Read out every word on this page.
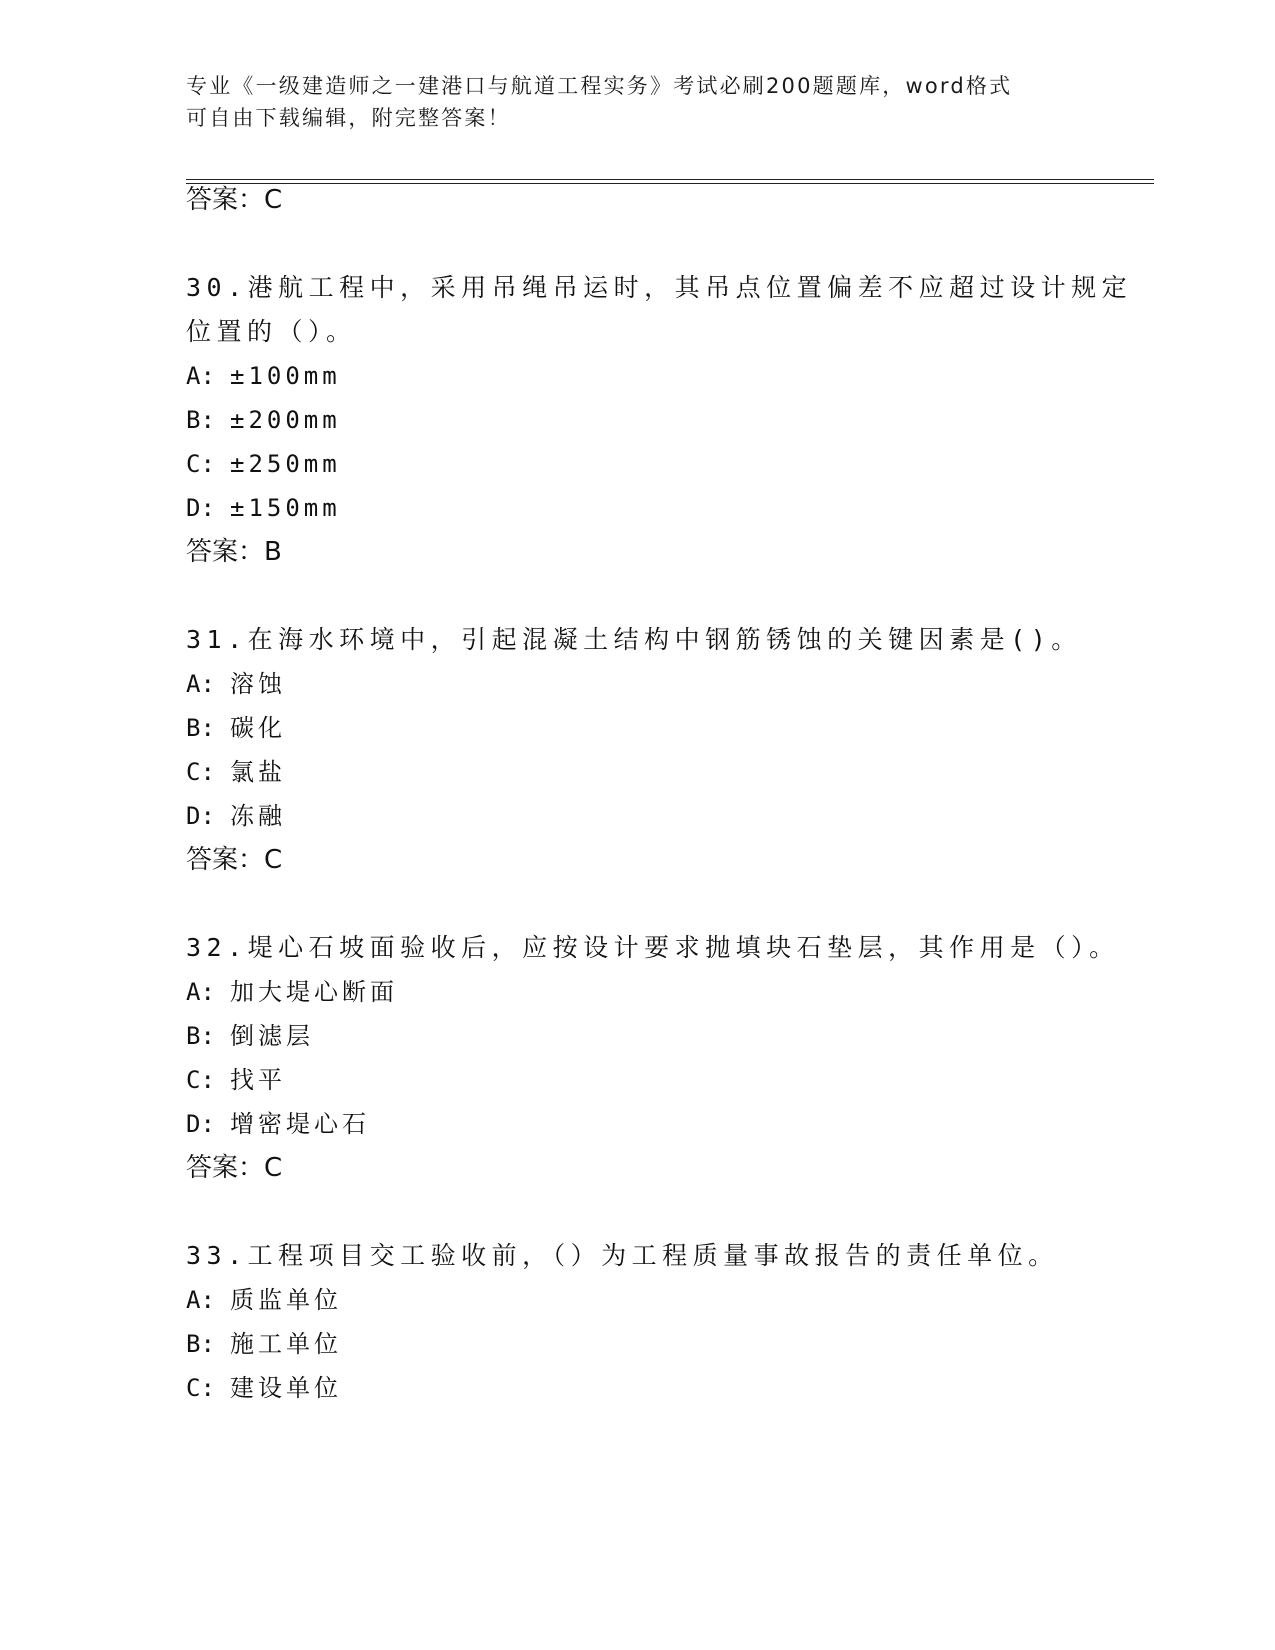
专业《一级建造师之一建港口与航道工程实务》考试必刷200题题库，word格式
可自由下载编辑，附完整答案！
答案：C
30.港航工程中，采用吊绳吊运时，其吊点位置偏差不应超过设计规定
位置的（）。
A: ±100mm
B: ±200mm
C: ±250mm
D: ±150mm
答案：B
31.在海水环境中，引起混凝土结构中钢筋锈蚀的关键因素是()。
A: 溶蚀
B: 碳化
C: 氯盐
D: 冻融
答案：C
32.堤心石坡面验收后，应按设计要求抛填块石垫层，其作用是（）。
A: 加大堤心断面
B: 倒滤层
C: 找平
D: 增密堤心石
答案：C
33.工程项目交工验收前，（）为工程质量事故报告的责任单位。
A: 质监单位
B: 施工单位
C: 建设单位
